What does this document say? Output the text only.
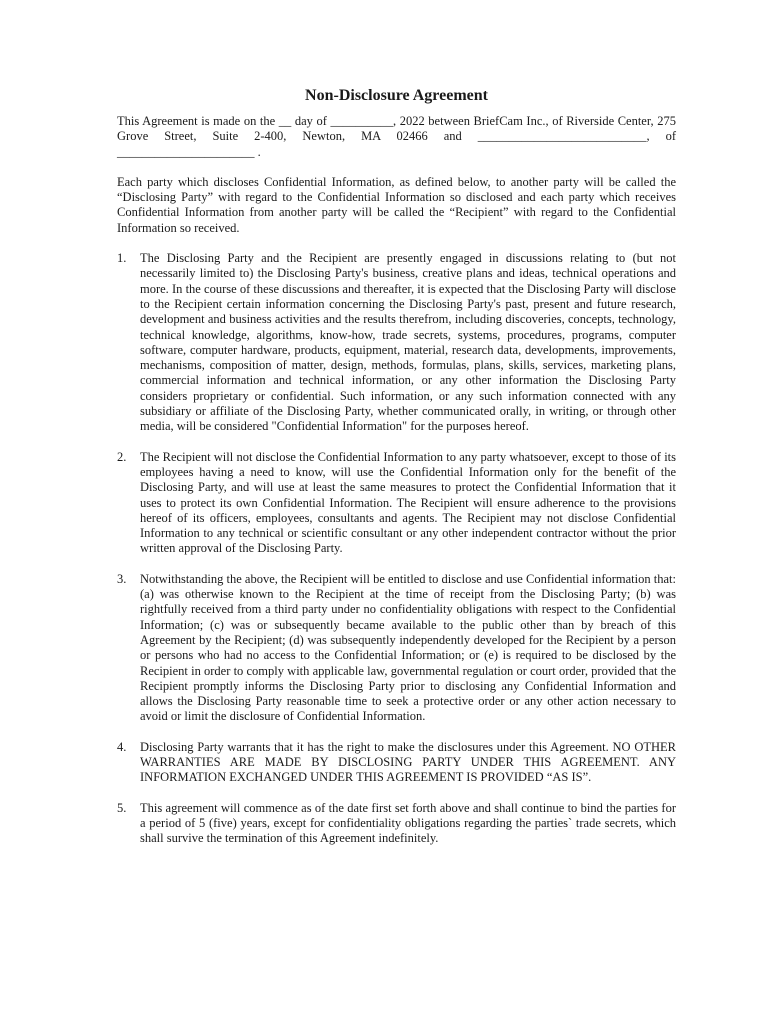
Non-Disclosure Agreement

This Agreement is made on the __ day of __________, 2022 between BriefCam Inc., of Riverside Center, 275 Grove Street, Suite 2-400, Newton, MA 02466 and ___________________________, of ______________________ .

Each party which discloses Confidential Information, as defined below, to another party will be called the “Disclosing Party” with regard to the Confidential Information so disclosed and each party which receives Confidential Information from another party will be called the “Recipient” with regard to the Confidential Information so received.

1. The Disclosing Party and the Recipient are presently engaged in discussions relating to (but not necessarily limited to) the Disclosing Party's business, creative plans and ideas, technical operations and more. In the course of these discussions and thereafter, it is expected that the Disclosing Party will disclose to the Recipient certain information concerning the Disclosing Party's past, present and future research, development and business activities and the results therefrom, including discoveries, concepts, technology, technical knowledge, algorithms, know-how, trade secrets, systems, procedures, programs, computer software, computer hardware, products, equipment, material, research data, developments, improvements, mechanisms, composition of matter, design, methods, formulas, plans, skills, services, marketing plans, commercial information and technical information, or any other information the Disclosing Party considers proprietary or confidential. Such information, or any such information connected with any subsidiary or affiliate of the Disclosing Party, whether communicated orally, in writing, or through other media, will be considered "Confidential Information" for the purposes hereof.

2. The Recipient will not disclose the Confidential Information to any party whatsoever, except to those of its employees having a need to know, will use the Confidential Information only for the benefit of the Disclosing Party, and will use at least the same measures to protect the Confidential Information that it uses to protect its own Confidential Information. The Recipient will ensure adherence to the provisions hereof of its officers, employees, consultants and agents. The Recipient may not disclose Confidential Information to any technical or scientific consultant or any other independent contractor without the prior written approval of the Disclosing Party.

3. Notwithstanding the above, the Recipient will be entitled to disclose and use Confidential information that: (a) was otherwise known to the Recipient at the time of receipt from the Disclosing Party; (b) was rightfully received from a third party under no confidentiality obligations with respect to the Confidential Information; (c) was or subsequently became available to the public other than by breach of this Agreement by the Recipient; (d) was subsequently independently developed for the Recipient by a person or persons who had no access to the Confidential Information; or (e) is required to be disclosed by the Recipient in order to comply with applicable law, governmental regulation or court order, provided that the Recipient promptly informs the Disclosing Party prior to disclosing any Confidential Information and allows the Disclosing Party reasonable time to seek a protective order or any other action necessary to avoid or limit the disclosure of Confidential Information.

4. Disclosing Party warrants that it has the right to make the disclosures under this Agreement. NO OTHER WARRANTIES ARE MADE BY DISCLOSING PARTY UNDER THIS AGREEMENT. ANY INFORMATION EXCHANGED UNDER THIS AGREEMENT IS PROVIDED “AS IS”.

5. This agreement will commence as of the date first set forth above and shall continue to bind the parties for a period of 5 (five) years, except for confidentiality obligations regarding the parties` trade secrets, which shall survive the termination of this Agreement indefinitely.
